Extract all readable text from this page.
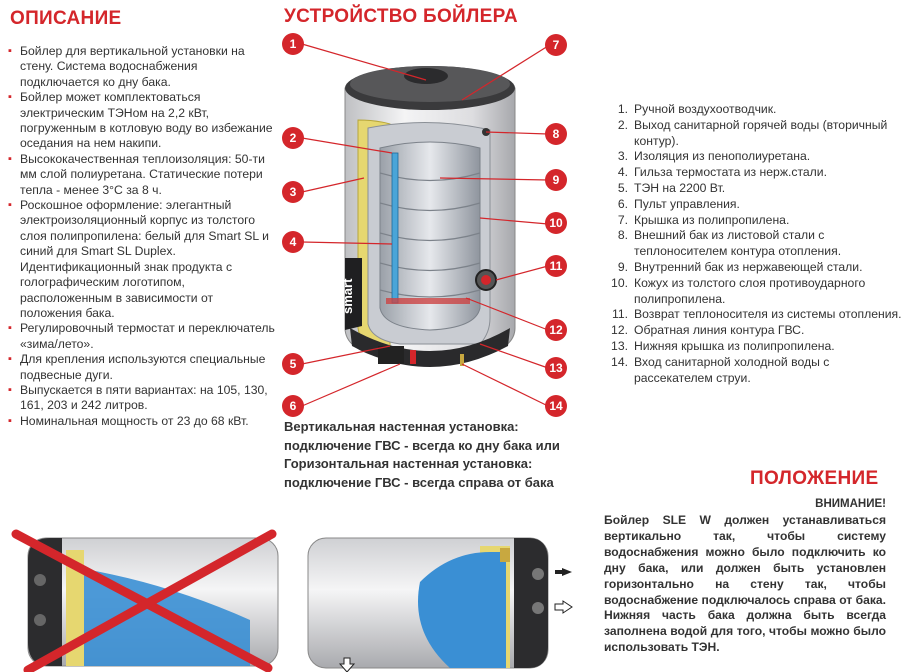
ОПИСАНИЕ
▪ Бойлер для вертикальной установки на стену. Система водоснабжения подключается ко дну бака.
▪ Бойлер может комплектоваться электрическим ТЭНом на 2,2 кВт, погруженным в котловую воду во избежание оседания на нем накипи.
▪ Высококачественная теплоизоляция: 50-ти мм слой полиуретана. Статические потери тепла - менее 3°С за 8 ч.
▪ Роскошное оформление: элегантный электроизоляционный корпус из толстого слоя полипропилена: белый для Smart SL и синий для Smart SL Duplex. Идентификационный знак продукта с голографическим логотипом, расположенным в зависимости от положения бака.
▪ Регулировочный термостат и переключатель «зима/лето».
▪ Для крепления используются специальные подвесные дуги.
▪ Выпускается в пяти вариантах: на 105, 130, 161, 203 и 242 литров.
▪ Номинальная мощность от 23 до 68 кВт.
УСТРОЙСТВО БОЙЛЕРА
smart
1	7
2	8
3
9
4
10
11
12
5	13
6	14
Вертикальная настенная установка: подключение ГВС - всегда ко дну бака или Горизонтальная настенная установка: подключение ГВС - всегда справа от бака
1. Ручной воздухоотводчик.
2. Выход санитарной горячей воды (вторичный контур).
3. Изоляция из пенополиуретана.
4. Гильза термостата из нерж.стали.
5. ТЭН на 2200 Вт.
6. Пульт управления.
7. Крышка из полипропилена.
8. Внешний бак из листовой стали с теплоносителем контура отопления.
9. Внутренний бак из нержавеющей стали.
10. Кожух из толстого слоя противоударного полипропилена.
11. Возврат теплоносителя из системы отопления.
12. Обратная линия контура ГВС.
13. Нижняя крышка из полипропилена.
14. Вход санитарной холодной воды с рассекателем струи.
ПОЛОЖЕНИЕ
ВНИМАНИЕ!
Бойлер SLE W должен устанавливаться вертикально так, чтобы систему водоснабжения можно было подключить ко дну бака, или должен быть установлен горизонтально на стену так, чтобы водоснабжение подключалось справа от бака. Нижняя часть бака должна быть всегда заполнена водой для того, чтобы можно было использовать ТЭН.
